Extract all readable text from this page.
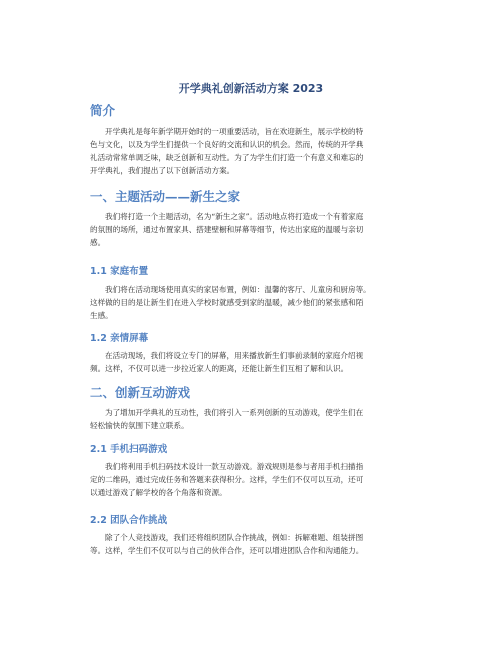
开学典礼创新活动方案 2023
简介

开学典礼是每年新学期开始时的一项重要活动，旨在欢迎新生，展示学校的特
色与文化，以及为学生们提供一个良好的交流和认识的机会。然而，传统的开学典
礼活动常常单调乏味，缺乏创新和互动性。为了为学生们打造一个有意义和难忘的
开学典礼，我们提出了以下创新活动方案。

一、主题活动——新生之家

我们将打造一个主题活动，名为“新生之家”。活动地点将打造成一个有着家庭
的氛围的场所，通过布置家具、搭建壁橱和屏幕等细节，传达出家庭的温暖与亲切
感。

1.1 家庭布置

我们将在活动现场使用真实的家居布置，例如：温馨的客厅、儿童房和厨房等。
这样做的目的是让新生们在进入学校时就感受到家的温暖，减少他们的紧张感和陌
生感。

1.2 亲情屏幕

在活动现场，我们将设立专门的屏幕，用来播放新生们事前录制的家庭介绍视
频。这样，不仅可以进一步拉近家人的距离，还能让新生们互相了解和认识。

二、创新互动游戏

为了增加开学典礼的互动性，我们将引入一系列创新的互动游戏，使学生们在
轻松愉快的氛围下建立联系。

2.1 手机扫码游戏

我们将利用手机扫码技术设计一款互动游戏。游戏规则是参与者用手机扫描指
定的二维码，通过完成任务和答题来获得积分。这样，学生们不仅可以互动，还可
以通过游戏了解学校的各个角落和资源。

2.2 团队合作挑战

除了个人竞技游戏，我们还将组织团队合作挑战，例如：拆解难题、组装拼图
等。这样，学生们不仅可以与自己的伙伴合作，还可以增进团队合作和沟通能力。
